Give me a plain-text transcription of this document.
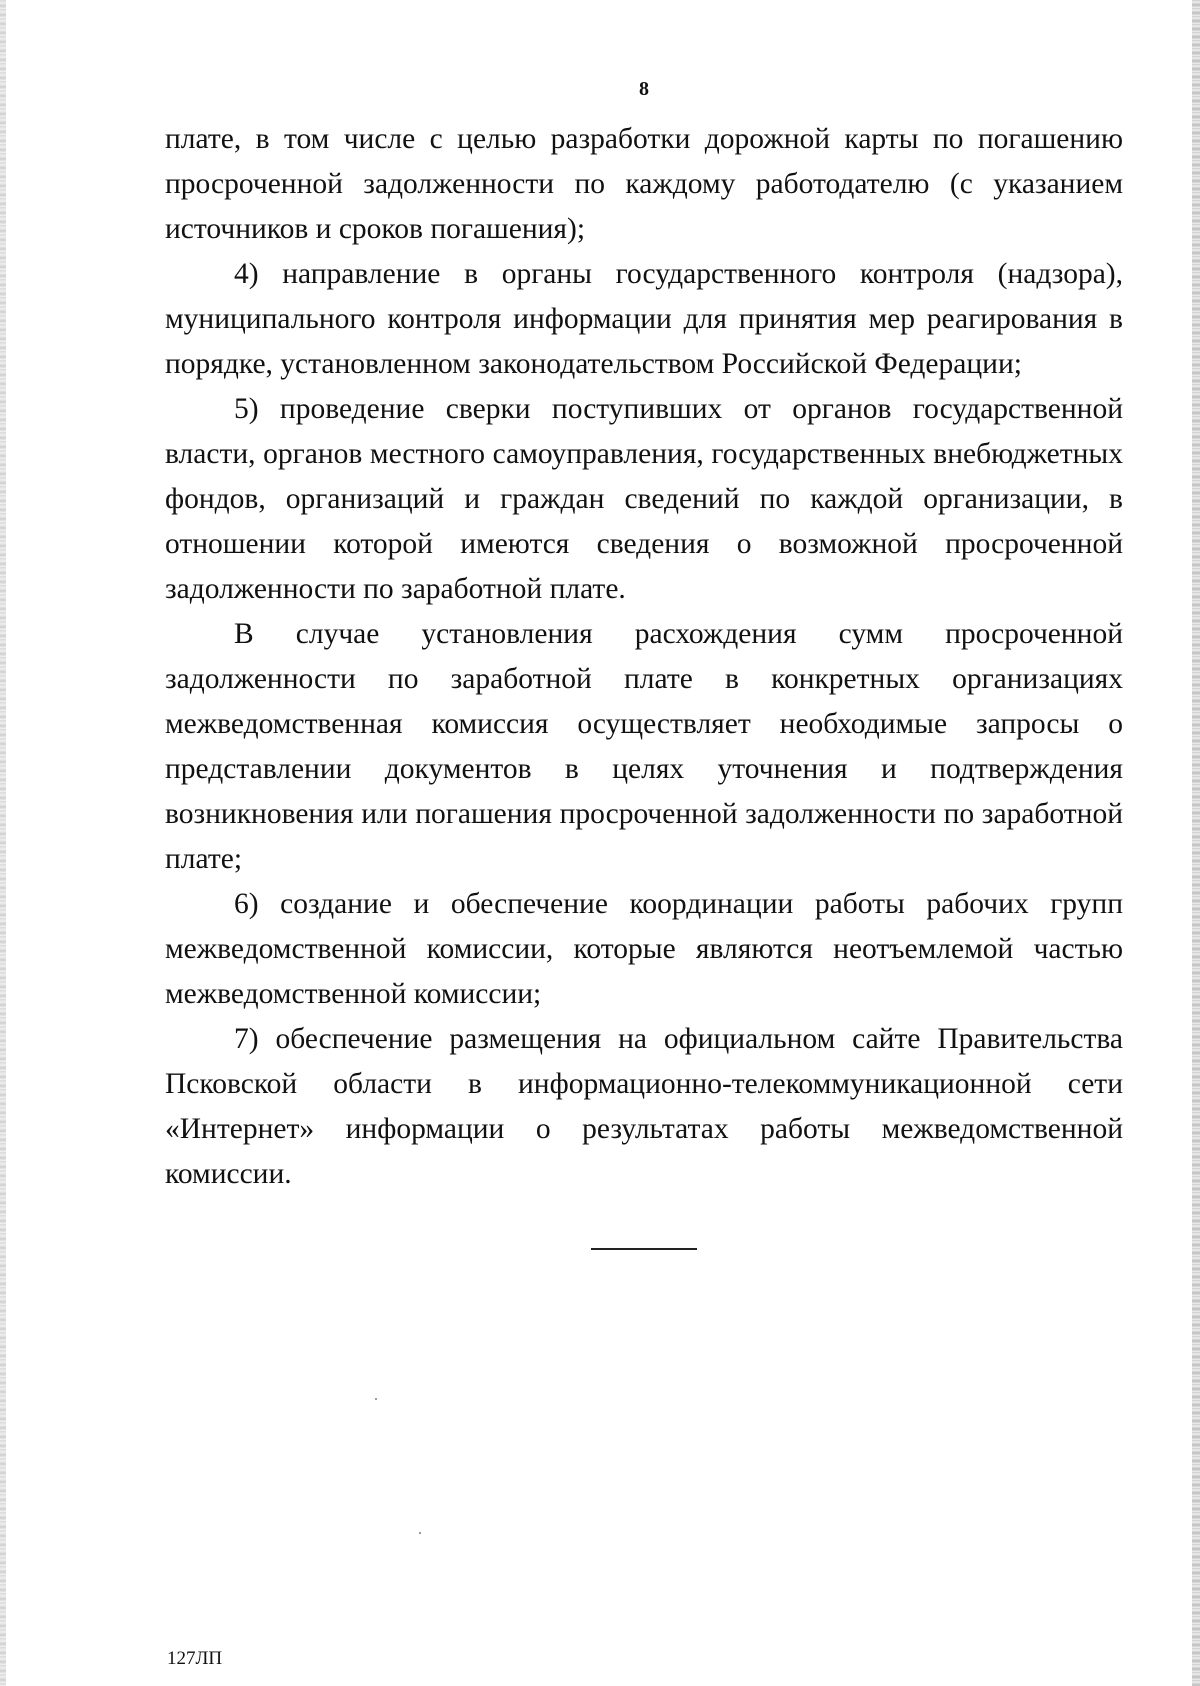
8

плате, в том числе с целью разработки дорожной карты по погашению просроченной задолженности по каждому работодателю (с указанием источников и сроков погашения);

4) направление в органы государственного контроля (надзора), муниципального контроля информации для принятия мер реагирования в порядке, установленном законодательством Российской Федерации;

5) проведение сверки поступивших от органов государственной власти, органов местного самоуправления, государственных внебюджетных фондов, организаций и граждан сведений по каждой организации, в отношении которой имеются сведения о возможной просроченной задолженности по заработной плате.

В случае установления расхождения сумм просроченной задолженности по заработной плате в конкретных организациях межведомственная комиссия осуществляет необходимые запросы о представлении документов в целях уточнения и подтверждения возникновения или погашения просроченной задолженности по заработной плате;

6) создание и обеспечение координации работы рабочих групп межведомственной комиссии, которые являются неотъемлемой частью межведомственной комиссии;

7) обеспечение размещения на официальном сайте Правительства Псковской области в информационно-телекоммуникационной сети «Интернет» информации о результатах работы межведомственной комиссии.

127ЛП
